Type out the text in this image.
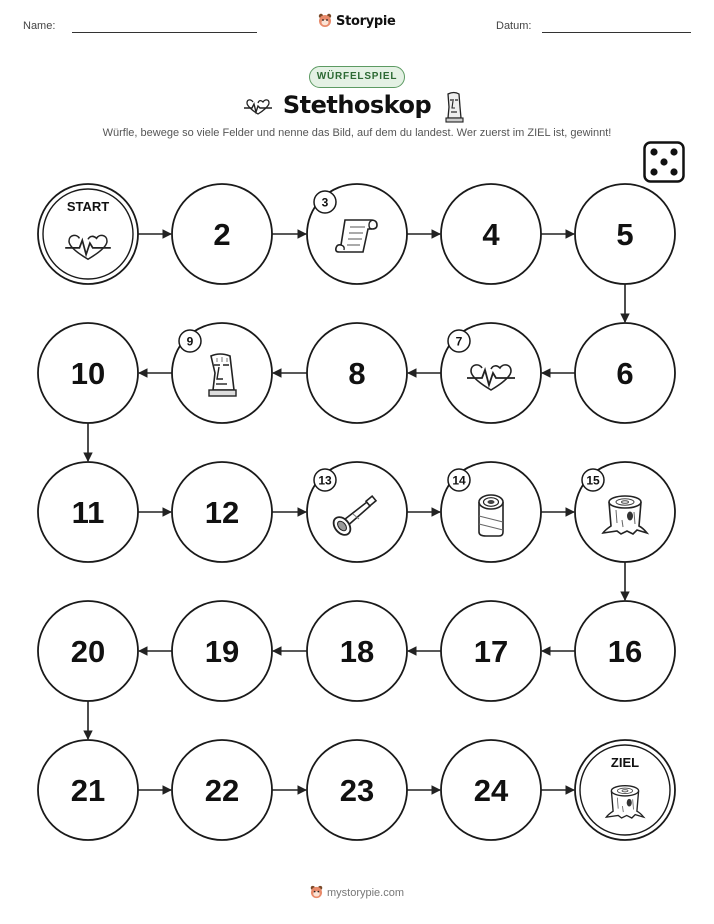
Name:	Storypie	Datum:
WÜRFELSPIEL
Stethoskop
Würfle, bewege so viele Felder und nenne das Bild, auf dem du landest. Wer zuerst im ZIEL ist, gewinnt!
START
2
3
4	5
6
7
8
9
10
11	12
13	14	15
16
17
18
19
20
21	22	23	24
ZIEL
mystorypie.com
